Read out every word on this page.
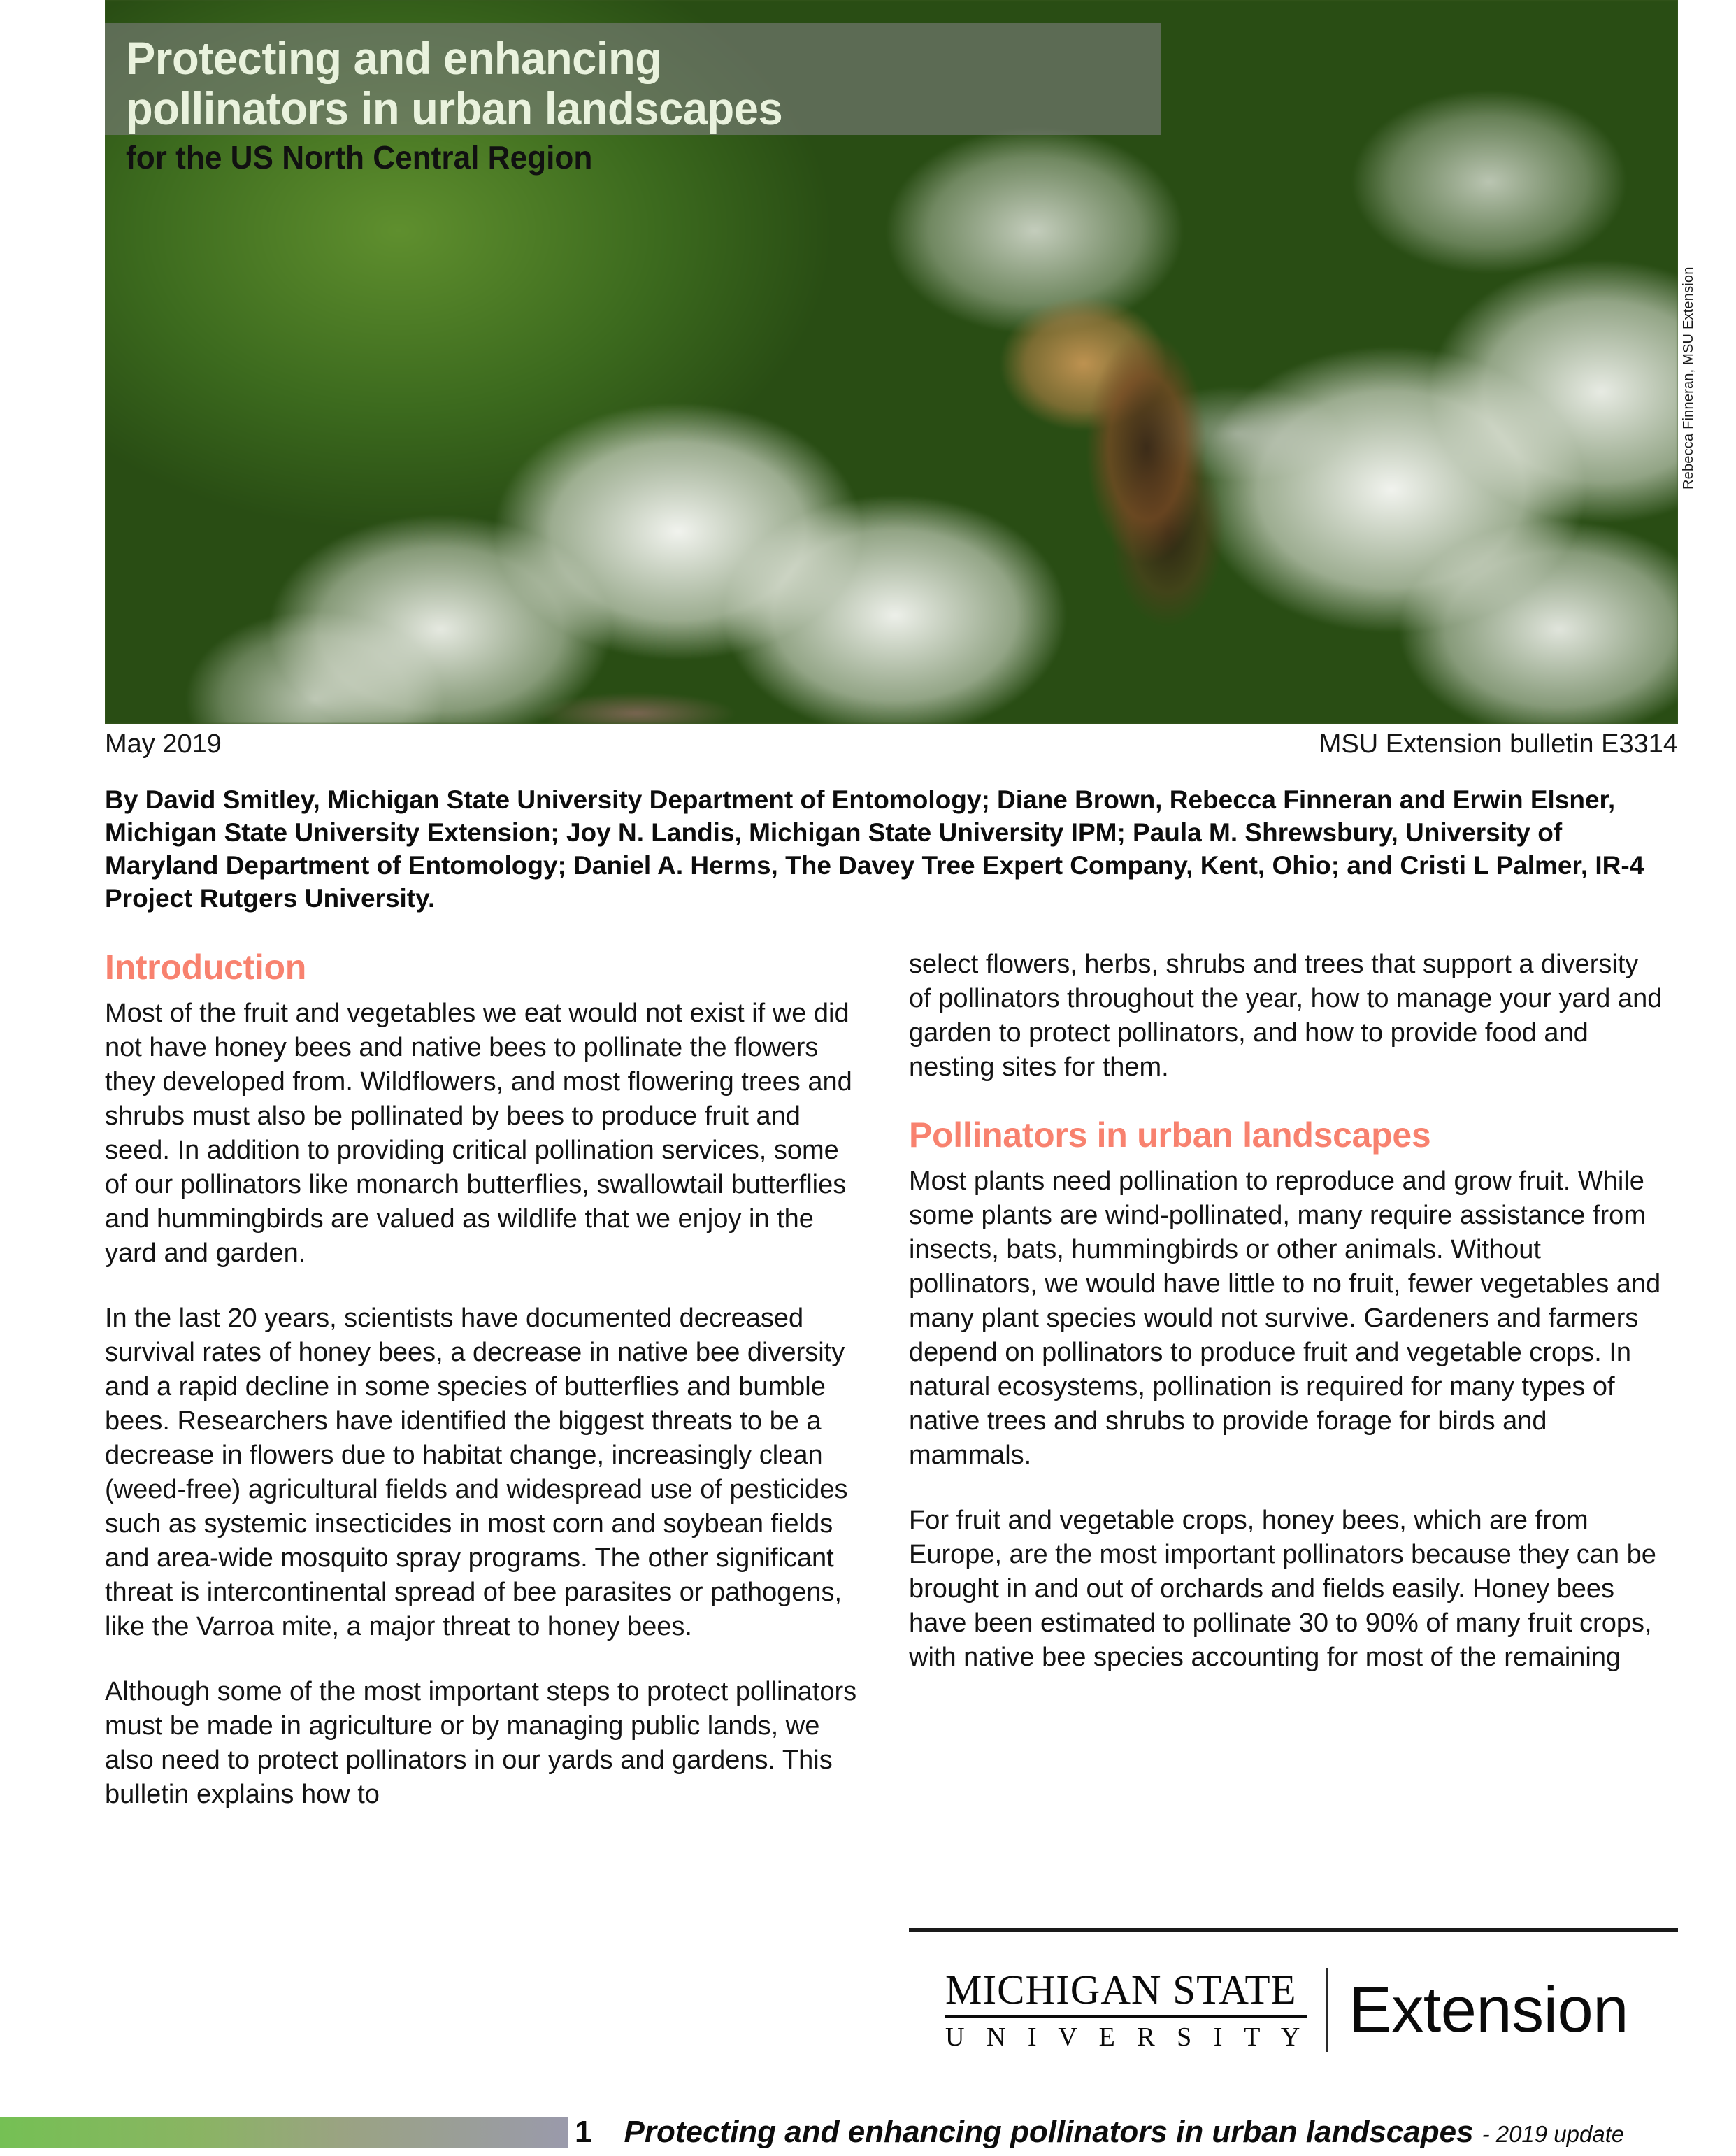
Protecting and enhancing
pollinators in urban landscapes
for the US North Central Region
Rebecca Finneran, MSU Extension
May 2019	MSU Extension bulletin E3314
By David Smitley, Michigan State University Department of Entomology; Diane Brown, Rebecca Finneran and Erwin Elsner, Michigan State University Extension; Joy N. Landis, Michigan State University IPM; Paula M. Shrewsbury, University of Maryland Department of Entomology; Daniel A. Herms, The Davey Tree Expert Company, Kent, Ohio; and Cristi L Palmer, IR-4 Project Rutgers University.
Introduction

Most of the fruit and vegetables we eat would not exist if we did not have honey bees and native bees to pollinate the flowers they developed from. Wildflowers, and most flowering trees and shrubs must also be pollinated by bees to produce fruit and seed. In addition to providing critical pollination services, some of our pollinators like monarch butterflies, swallowtail butterflies and hummingbirds are valued as wildlife that we enjoy in the yard and garden.

In the last 20 years, scientists have documented decreased survival rates of honey bees, a decrease in native bee diversity and a rapid decline in some species of butterflies and bumble bees. Researchers have identified the biggest threats to be a decrease in flowers due to habitat change, increasingly clean (weed-free) agricultural fields and widespread use of pesticides such as systemic insecticides in most corn and soybean fields and area-wide mosquito spray programs. The other significant threat is intercontinental spread of bee parasites or pathogens, like the Varroa mite, a major threat to honey bees.

Although some of the most important steps to protect pollinators must be made in agriculture or by managing public lands, we also need to protect pollinators in our yards and gardens. This bulletin explains how to

select flowers, herbs, shrubs and trees that support a diversity of pollinators throughout the year, how to manage your yard and garden to protect pollinators, and how to provide food and nesting sites for them.

Pollinators in urban landscapes

Most plants need pollination to reproduce and grow fruit. While some plants are wind-pollinated, many require assistance from insects, bats, hummingbirds or other animals. Without pollinators, we would have little to no fruit, fewer vegetables and many plant species would not survive. Gardeners and farmers depend on pollinators to produce fruit and vegetable crops. In natural ecosystems, pollination is required for many types of native trees and shrubs to provide forage for birds and mammals.

For fruit and vegetable crops, honey bees, which are from Europe, are the most important pollinators because they can be brought in and out of orchards and fields easily. Honey bees have been estimated to pollinate 30 to 90% of many fruit crops, with native bee species accounting for most of the remaining

MICHIGAN STATE
U N I V E R S I T Y Extension
1 Protecting and enhancing pollinators in urban landscapes - 2019 update
